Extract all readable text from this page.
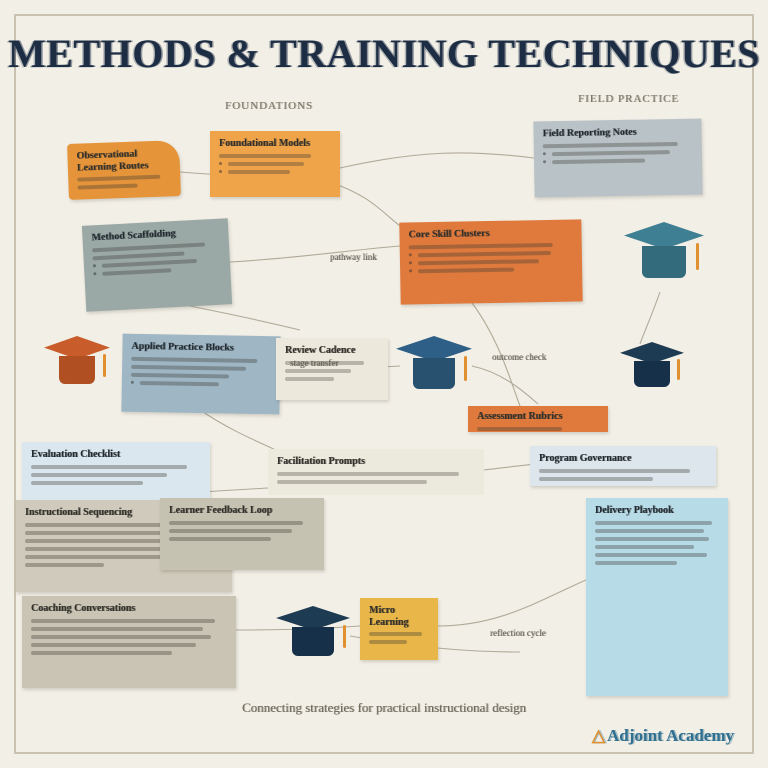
METHODS & TRAINING TECHNIQUES
FOUNDATIONS
FIELD PRACTICE
Observational Learning Routes
Foundational Models
Field Reporting Notes
Method Scaffolding	Core Skill Clusters
Applied Practice Blocks	Review Cadence
Assessment Rubrics
Evaluation Checklist
Instructional Sequencing
Facilitation Prompts
Learner Feedback Loop
Program Governance
Delivery Playbook
Coaching Conversations	Micro Learning
pathway link
stage transfer
outcome check
reflection cycle
Connecting strategies for practical instructional design
△ Adjoint Academy
